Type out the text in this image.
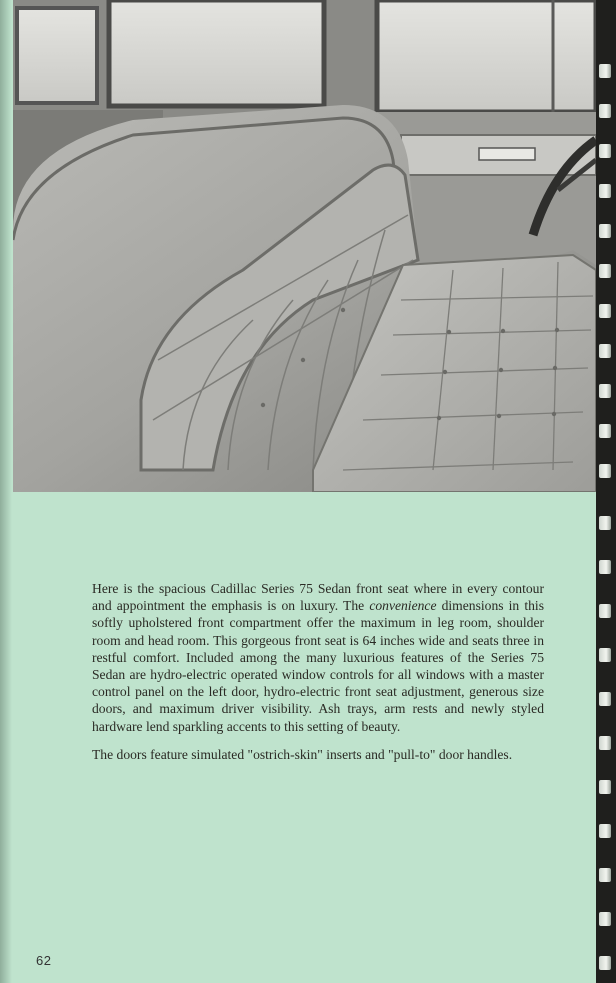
Here is the spacious Cadillac Series 75 Sedan front seat where in every contour and appointment the emphasis is on luxury. The convenience dimensions in this softly upholstered front compartment offer the maximum in leg room, shoulder room and head room. This gorgeous front seat is 64 inches wide and seats three in restful comfort. Included among the many luxurious features of the Series 75 Sedan are hydro-electric operated window controls for all windows with a master control panel on the left door, hydro-electric front seat adjustment, generous size doors, and maximum driver visibility. Ash trays, arm rests and newly styled hardware lend sparkling accents to this setting of beauty.

The doors feature simulated "ostrich-skin" inserts and "pull-to" door handles.

62
